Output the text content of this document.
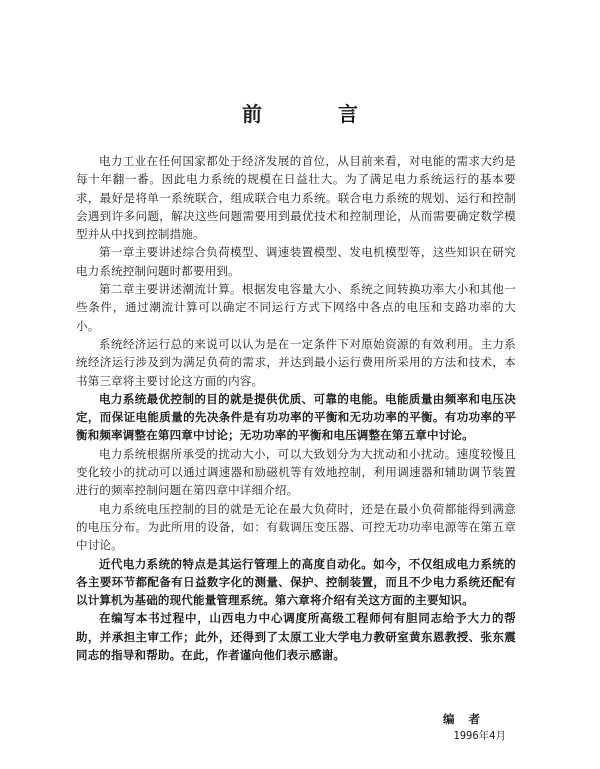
前　言

电力工业在任何国家都处于经济发展的首位，从目前来看，对电能的需求大约是每十年翻一番。因此电力系统的规模在日益壮大。为了满足电力系统运行的基本要求，最好是将单一系统联合，组成联合电力系统。联合电力系统的规划、运行和控制会遇到许多问题，解决这些问题需要用到最优技术和控制理论，从而需要确定数学模型并从中找到控制措施。

第一章主要讲述综合负荷模型、调速装置模型、发电机模型等，这些知识在研究电力系统控制问题时都要用到。

第二章主要讲述潮流计算。根据发电容量大小、系统之间转换功率大小和其他一些条件，通过潮流计算可以确定不同运行方式下网络中各点的电压和支路功率的大小。

系统经济运行总的来说可以认为是在一定条件下对原始资源的有效利用。主力系统经济运行涉及到为满足负荷的需求，并达到最小运行费用所采用的方法和技术，本书第三章将主要讨论这方面的内容。

电力系统最优控制的目的就是提供优质、可靠的电能。电能质量由频率和电压决定，而保证电能质量的先决条件是有功功率的平衡和无功功率的平衡。有功功率的平衡和频率调整在第四章中讨论；无功功率的平衡和电压调整在第五章中讨论。

电力系统根据所承受的扰动大小，可以大致划分为大扰动和小扰动。速度较慢且变化较小的扰动可以通过调速器和励磁机等有效地控制，利用调速器和辅助调节装置进行的频率控制问题在第四章中详细介绍。

电力系统电压控制的目的就是无论在最大负荷时，还是在最小负荷都能得到满意的电压分布。为此所用的设备，如：有载调压变压器、可控无功功率电源等在第五章中讨论。

近代电力系统的特点是其运行管理上的高度自动化。如今，不仅组成电力系统的各主要环节都配备有日益数字化的测量、保护、控制装置，而且不少电力系统还配有以计算机为基础的现代能量管理系统。第六章将介绍有关这方面的主要知识。

在编写本书过程中，山西电力中心调度所高级工程师何有胆同志给予大力的帮助，并承担主审工作；此外，还得到了太原工业大学电力教研室黄东恩教授、张东震同志的指导和帮助。在此，作者谨向他们表示感谢。

编者

1996年4月
